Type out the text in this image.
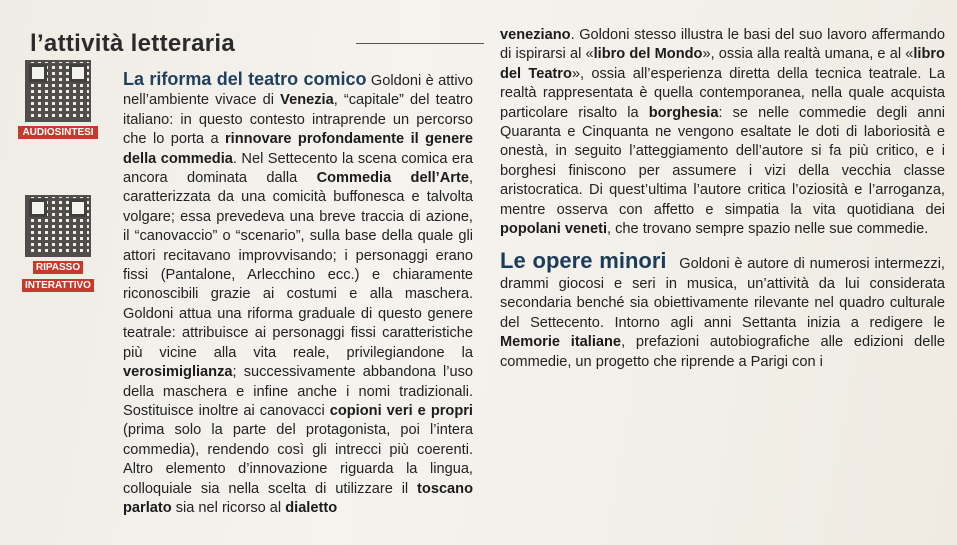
l’attività letteraria
AUDIOSINTESI
RIPASSO
INTERATTIVO

La riforma del teatro comico Goldoni è attivo nell’ambiente vivace di Venezia, “capitale” del teatro italiano: in questo contesto intraprende un percorso che lo porta a rinnovare profondamente il genere della commedia. Nel Settecento la scena comica era ancora dominata dalla Commedia dell’Arte, caratterizzata da una comicità buffonesca e talvolta volgare; essa prevedeva una breve traccia di azione, il “canovaccio” o “scenario”, sulla base della quale gli attori recitavano improvvisando; i personaggi erano fissi (Pantalone, Arlecchino ecc.) e chiaramente riconoscibili grazie ai costumi e alla maschera. Goldoni attua una riforma graduale di questo genere teatrale: attribuisce ai personaggi fissi caratteristiche più vicine alla vita reale, privilegiandone la verosimiglianza; successivamente abbandona l’uso della maschera e infine anche i nomi tradizionali. Sostituisce inoltre ai canovacci copioni veri e propri (prima solo la parte del protagonista, poi l’intera commedia), rendendo così gli intrecci più coerenti. Altro elemento d’innovazione riguarda la lingua, colloquiale sia nella scelta di utilizzare il toscano parlato sia nel ricorso al dialetto

veneziano. Goldoni stesso illustra le basi del suo lavoro affermando di ispirarsi al «libro del Mondo», ossia alla realtà umana, e al «libro del Teatro», ossia all’esperienza diretta della tecnica teatrale. La realtà rappresentata è quella contemporanea, nella quale acquista particolare risalto la borghesia: se nelle commedie degli anni Quaranta e Cinquanta ne vengono esaltate le doti di laboriosità e onestà, in seguito l’atteggiamento dell’autore si fa più critico, e i borghesi finiscono per assumere i vizi della vecchia classe aristocratica. Di quest’ultima l’autore critica l’oziosità e l’arroganza, mentre osserva con affetto e simpatia la vita quotidiana dei popolani veneti, che trovano sempre spazio nelle sue commedie.

Le opere minori Goldoni è autore di numerosi intermezzi, drammi giocosi e seri in musica, un’attività da lui considerata secondaria benché sia obiettivamente rilevante nel quadro culturale del Settecento. Intorno agli anni Settanta inizia a redigere le Memorie italiane, prefazioni autobiografiche alle edizioni delle commedie, un progetto che riprende a Parigi con i
